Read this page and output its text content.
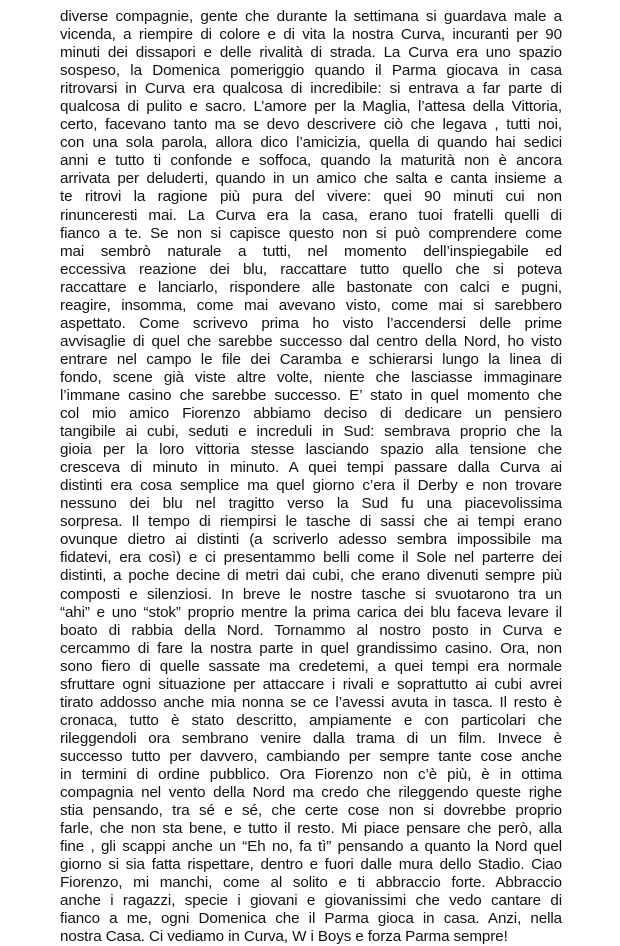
diverse compagnie, gente che durante la settimana si guardava male a
vicenda, a riempire di colore e di vita la nostra Curva, incuranti per 90
minuti dei dissapori e delle rivalità di strada. La Curva era uno spazio
sospeso, la Domenica pomeriggio quando il Parma giocava in casa
ritrovarsi in Curva era qualcosa di incredibile: si entrava a far parte di
qualcosa di pulito e sacro. L’amore per la Maglia, l’attesa della Vittoria,
certo, facevano tanto ma se devo descrivere ciò che legava , tutti noi,
con una sola parola, allora dico l’amicizia, quella di quando hai sedici
anni e tutto ti confonde e soffoca, quando la maturità non è ancora
arrivata per deluderti, quando in un amico che salta e canta insieme a
te ritrovi la ragione più pura del vivere: quei 90 minuti cui non
rinunceresti mai. La Curva era la casa, erano tuoi fratelli quelli di
fianco a te. Se non si capisce questo non si può comprendere come
mai sembrò naturale a tutti, nel momento dell’inspiegabile ed
eccessiva reazione dei blu, raccattare tutto quello che si poteva
raccattare e lanciarlo, rispondere alle bastonate con calci e pugni,
reagire, insomma, come mai avevano visto, come mai si sarebbero
aspettato. Come scrivevo prima ho visto l’accendersi delle prime
avvisaglie di quel che sarebbe successo dal centro della Nord, ho visto
entrare nel campo le file dei Caramba e schierarsi lungo la linea di
fondo, scene già viste altre volte, niente che lasciasse immaginare
l’immane casino che sarebbe successo. E’ stato in quel momento che
col mio amico Fiorenzo abbiamo deciso di dedicare un pensiero
tangibile ai cubi, seduti e increduli in Sud: sembrava proprio che la
gioia per la loro vittoria stesse lasciando spazio alla tensione che
cresceva di minuto in minuto. A quei tempi passare dalla Curva ai
distinti era cosa semplice ma quel giorno c’era il Derby e non trovare
nessuno dei blu nel tragitto verso la Sud fu una piacevolissima
sorpresa. Il tempo di riempirsi le tasche di sassi che ai tempi erano
ovunque dietro ai distinti (a scriverlo adesso sembra impossibile ma
fidatevi, era così) e ci presentammo belli come il Sole nel parterre dei
distinti, a poche decine di metri dai cubi, che erano divenuti sempre più
composti e silenziosi. In breve le nostre tasche si svuotarono tra un
“ahi” e uno “stok” proprio mentre la prima carica dei blu faceva levare il
boato di rabbia della Nord. Tornammo al nostro posto in Curva e
cercammo di fare la nostra parte in quel grandissimo casino. Ora, non
sono fiero di quelle sassate ma credetemi, a quei tempi era normale
sfruttare ogni situazione per attaccare i rivali e soprattutto ai cubi avrei
tirato addosso anche mia nonna se ce l’avessi avuta in tasca. Il resto è
cronaca, tutto è stato descritto, ampiamente e con particolari che
rileggendoli ora sembrano venire dalla trama di un film. Invece è
successo tutto per davvero, cambiando per sempre tante cose anche
in termini di ordine pubblico. Ora Fiorenzo non c’è più, è in ottima
compagnia nel vento della Nord ma credo che rileggendo queste righe
stia pensando, tra sé e sé, che certe cose non si dovrebbe proprio
farle, che non sta bene, e tutto il resto. Mi piace pensare che però, alla
fine , gli scappi anche un “Eh no, fa tì” pensando a quanto la Nord quel
giorno si sia fatta rispettare, dentro e fuori dalle mura dello Stadio. Ciao
Fiorenzo, mi manchi, come al solito e ti abbraccio forte. Abbraccio
anche i ragazzi, specie i giovani e giovanissimi che vedo cantare di
fianco a me, ogni Domenica che il Parma gioca in casa. Anzi, nella
nostra Casa. Ci vediamo in Curva, W i Boys e forza Parma sempre!
